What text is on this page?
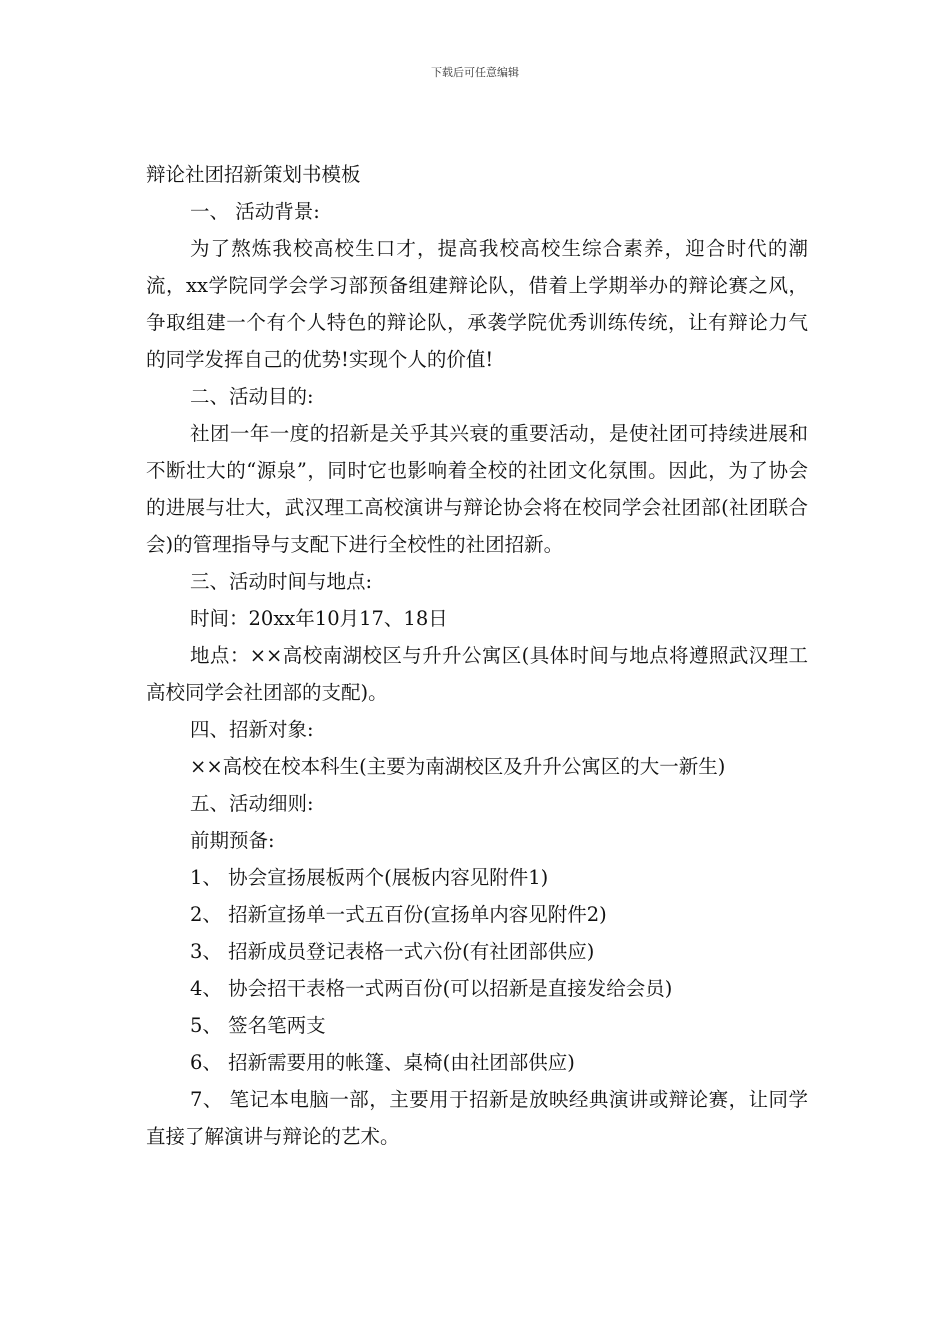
下载后可任意编辑

辩论社团招新策划书模板

一、 活动背景:

为了熬炼我校高校生口才，提高我校高校生综合素养，迎合时代的潮流，xx学院同学会学习部预备组建辩论队，借着上学期举办的辩论赛之风，争取组建一个有个人特色的辩论队，承袭学院优秀训练传统，让有辩论力气的同学发挥自己的优势!实现个人的价值!

二、活动目的:

社团一年一度的招新是关乎其兴衰的重要活动，是使社团可持续进展和不断壮大的“源泉”，同时它也影响着全校的社团文化氛围。因此，为了协会的进展与壮大，武汉理工高校演讲与辩论协会将在校同学会社团部(社团联合会)的管理指导与支配下进行全校性的社团招新。

三、活动时间与地点:

时间：20xx年10月17、18日

地点：××高校南湖校区与升升公寓区(具体时间与地点将遵照武汉理工高校同学会社团部的支配)。

四、招新对象:

××高校在校本科生(主要为南湖校区及升升公寓区的大一新生)

五、活动细则:

前期预备:

1、 协会宣扬展板两个(展板内容见附件1)

2、 招新宣扬单一式五百份(宣扬单内容见附件2)

3、 招新成员登记表格一式六份(有社团部供应)

4、 协会招干表格一式两百份(可以招新是直接发给会员)

5、 签名笔两支

6、 招新需要用的帐篷、桌椅(由社团部供应)

7、 笔记本电脑一部，主要用于招新是放映经典演讲或辩论赛，让同学直接了解演讲与辩论的艺术。
